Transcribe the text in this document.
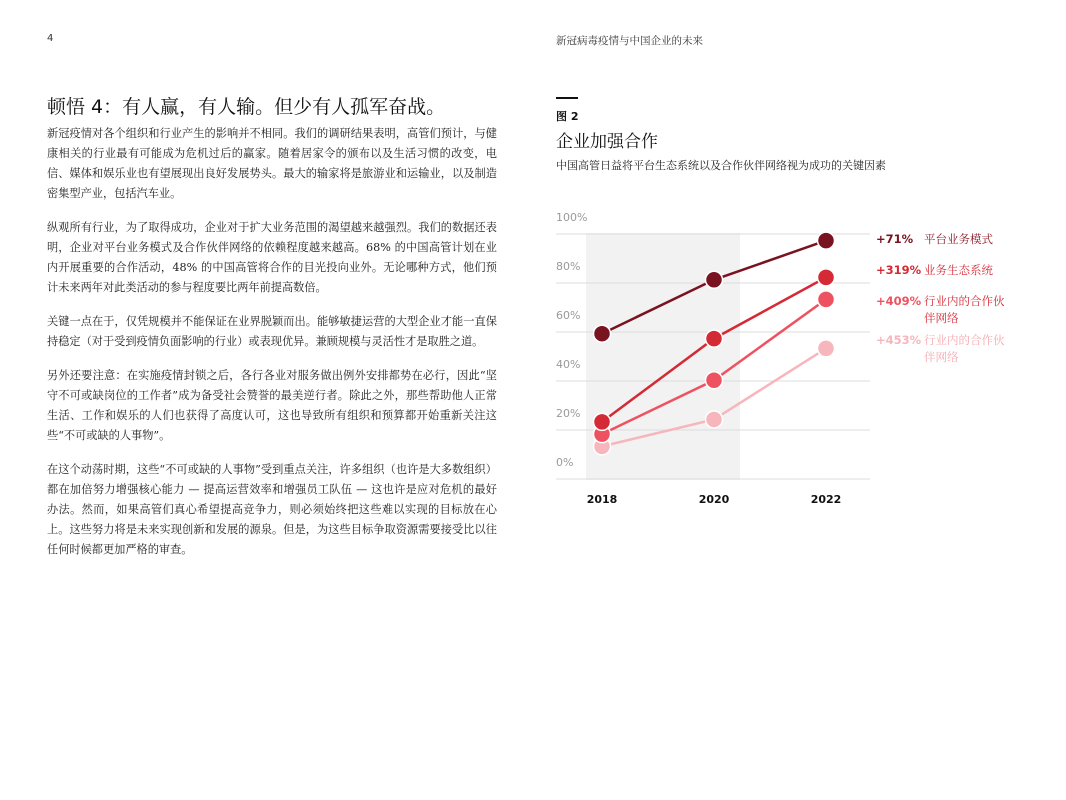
4	新冠病毒疫情与中国企业的未来
顿悟 4：有人赢，有人输。但少有人孤军奋战。

新冠疫情对各个组织和行业产生的影响并不相同。我们的调研结果表明，高管们预计，与健康相关的行业最有可能成为危机过后的赢家。随着居家令的颁布以及生活习惯的改变，电信、媒体和娱乐业也有望展现出良好发展势头。最大的输家将是旅游业和运输业，以及制造密集型产业，包括汽车业。

纵观所有行业，为了取得成功，企业对于扩大业务范围的渴望越来越强烈。我们的数据还表明，企业对平台业务模式及合作伙伴网络的依赖程度越来越高。68% 的中国高管计划在业内开展重要的合作活动，48% 的中国高管将合作的目光投向业外。无论哪种方式，他们预计未来两年对此类活动的参与程度要比两年前提高数倍。

关键一点在于，仅凭规模并不能保证在业界脱颖而出。能够敏捷运营的大型企业才能一直保持稳定（对于受到疫情负面影响的行业）或表现优异。兼顾规模与灵活性才是取胜之道。

另外还要注意：在实施疫情封锁之后，各行各业对服务做出例外安排都势在必行，因此“坚守不可或缺岗位的工作者”成为备受社会赞誉的最美逆行者。除此之外，那些帮助他人正常生活、工作和娱乐的人们也获得了高度认可，这也导致所有组织和预算都开始重新关注这些“不可或缺的人事物”。

在这个动荡时期，这些“不可或缺的人事物”受到重点关注，许多组织（也许是大多数组织）都在加倍努力增强核心能力 — 提高运营效率和增强员工队伍 — 这也许是应对危机的最好办法。然而，如果高管们真心希望提高竞争力，则必须始终把这些难以实现的目标放在心上。这些努力将是未来实现创新和发展的源泉。但是，为这些目标争取资源需要接受比以往任何时候都更加严格的审查。

图 2
企业加强合作
中国高管日益将平台生态系统以及合作伙伴网络视为成功的关键因素
0%
20%
40%
60%
80%
100%
2018	2020	2022
+71% 平台业务模式
+319% 业务生态系统
+409% 行业内的合作伙
伴网络
+453% 行业内的合作伙
伴网络
